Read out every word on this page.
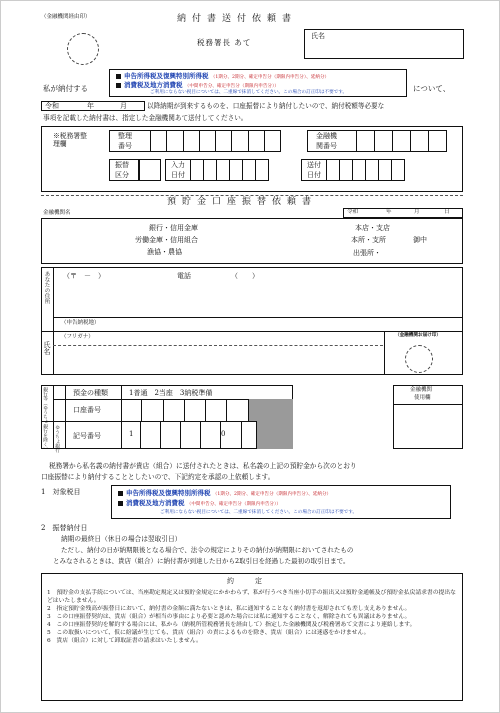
（金融機関経由印）	納付書送付依頼書
税務署長 あて
氏名
私が納付する	について、
申告所得税及復興特別所得税 （1期分、2期分、確定申告分（期限内申告分）、延納分）
消費税及地方消費税 （中間申告分、確定申告分（期限内申告分））
ご利用にならない税目については、二重線で抹消してください。この場合の訂正印は不要です。
令和	年	月	以降納期が到来するものを、口座振替により納付したいので、納付税額等必要な
事項を記載した納付書は、指定した金融機関あて送付してください。
※税務署整理欄
整理
番号
金融機
関番号
振替
区分
入力
日付
送付
日付
預貯金口座振替依頼書
金融機関名	令和	年	月	日
銀行・信用金庫
労働金庫・信用組合
漁協・農協
本店・支店
本所・支所	御中
出張所・
あなたの住所 （〒　－　）	電話	（　　）
（申告納税地）
氏名
（フリガナ）	（金融機関お届け印）
銀行等（ゆうちょ銀行を除く） ゆうちょ銀行
預金の種類	1普通　2当座　3納税準備
口座番号
記号番号	1	0
金融機関
使用欄
税務署から私名義の納付書が貴店（組合）に送付されたときは、私名義の上記の預貯金から次のとおり
口座振替により納付することとしたいので、下記約定を承認の上依頼します。
1　対象税目	申告所得税及復興特別所得税 （1期分、2期分、確定申告分（期限内申告分）、延納分）
消費税及地方消費税 （中間申告分、確定申告分（期限内申告分））
ご利用にならない税目については、二重線で抹消してください。この場合の訂正印は不要です。
2　振替納付日
納期の最終日（休日の場合は翌取引日）
ただし、納付の日が納期限後となる場合で、法令の規定によりその納付が納期限においてされたもの
とみなされるときは、貴店（組合）に納付書が到達した日から2取引日を経過した最初の取引日まで。
約　　　定
1　預貯金の支払手続については、当座勘定規定又は預貯金規定にかかわらず、私が行うべき当座小切手の振出又は預貯金通帳及び預貯金払戻請求書の提出などはいたしません。
2　指定預貯金残高が振替日において、納付書の金額に満たないときは、私に通知することなく納付書を返却されても差し支えありません。
3　この口座振替契約は、貴店（組合）が相当の事由により必要と認めた場合には私に通知することなく、解除されても異議はありません。
4　この口座振替契約を解約する場合には、私から（納税所管税務署長を経由して）指定した金融機関及び税務署あて文書により連絡します。
5　この取扱いについて、仮に紛議が生じても、貴店（組合）の責によるものを除き、貴店（組合）には迷惑をかけません。
6　貴店（組合）に対して卸取証書の請求はいたしません。
